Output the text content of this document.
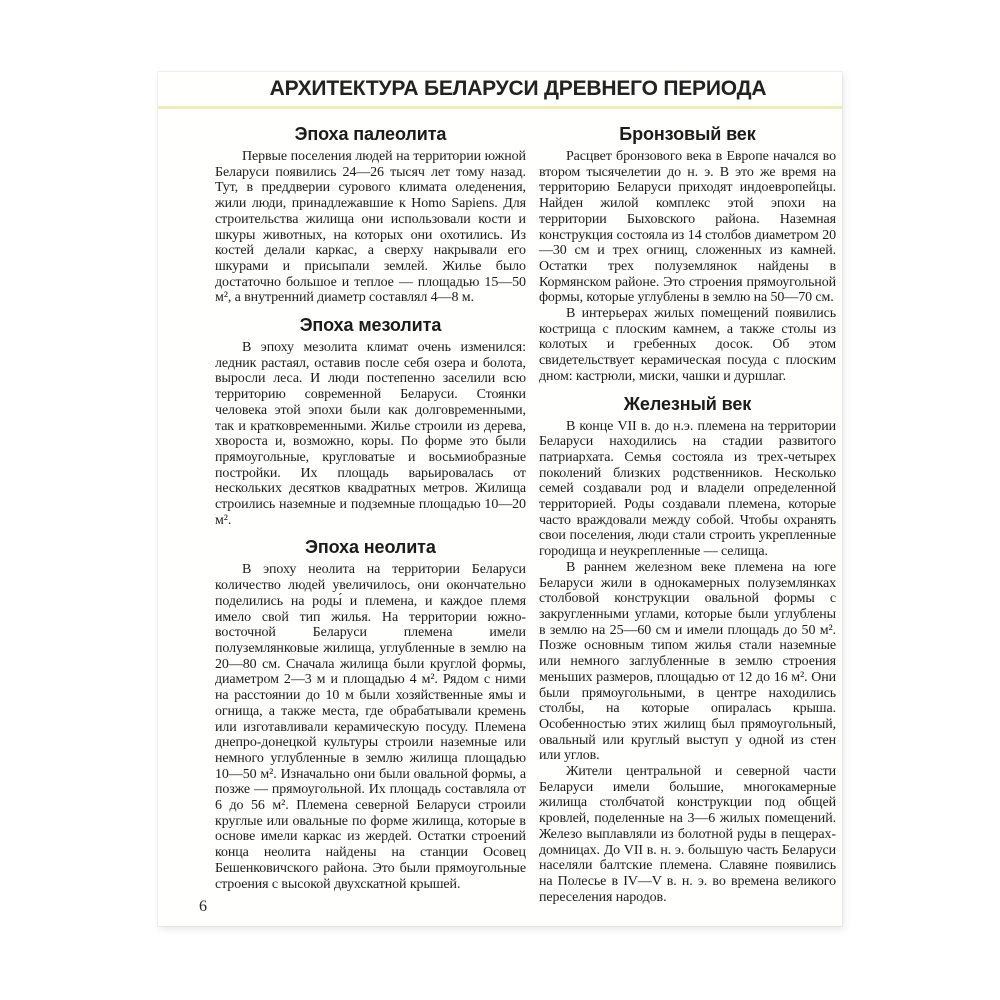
АРХИТЕКТУРА БЕЛАРУСИ ДРЕВНЕГО ПЕРИОДА
Эпоха палеолита

Первые поселения людей на территории южной Беларуси появились 24—26 тысяч лет тому назад. Тут, в преддверии сурового климата оледенения, жили люди, принадлежавшие к Homo Sapiens. Для строительства жилища они использовали кости и шкуры животных, на которых они охотились. Из костей делали каркас, а сверху накрывали его шкурами и присыпали землей. Жилье было достаточно большое и теплое — площадью 15—50 м², а внутренний диаметр составлял 4—8 м.

Эпоха мезолита

В эпоху мезолита климат очень изменился: ледник растаял, оставив после себя озера и болота, выросли леса. И люди постепенно заселили всю территорию современной Беларуси. Стоянки человека этой эпохи были как долговременными, так и кратковременными. Жилье строили из дерева, хвороста и, возможно, коры. По форме это были прямоугольные, кругловатые и восьмиобразные постройки. Их площадь варьировалась от нескольких десятков квадратных метров. Жилища строились наземные и подземные площадью 10—20 м².

Эпоха неолита

В эпоху неолита на территории Беларуси количество людей увеличилось, они окончательно поделились на роды́ и племена, и каждое племя имело свой тип жилья. На территории южно-восточной Беларуси племена имели полуземлянковые жилища, углубленные в землю на 20—80 см. Сначала жилища были круглой формы, диаметром 2—3 м и площадью 4 м². Рядом с ними на расстоянии до 10 м были хозяйственные ямы и огнища, а также места, где обрабатывали кремень или изготавливали керамическую посуду. Племена днепро-донецкой культуры строили наземные или немного углубленные в землю жилища площадью 10—50 м². Изначально они были овальной формы, а позже — прямоугольной. Их площадь составляла от 6 до 56 м². Племена северной Беларуси строили круглые или овальные по форме жилища, которые в основе имели каркас из жердей. Остатки строений конца неолита найдены на станции Осовец Бешенковичского района. Это были прямоугольные строения с высокой двухскатной крышей.

Бронзовый век

Расцвет бронзового века в Европе начался во втором тысячелетии до н. э. В это же время на территорию Беларуси приходят индоевропейцы. Найден жилой комплекс этой эпохи на территории Быховского района. Наземная конструкция состояла из 14 столбов диаметром 20—30 см и трех огнищ, сложенных из камней. Остатки трех полуземлянок найдены в Кормянском районе. Это строения прямоугольной формы, которые углублены в землю на 50—70 см.

В интерьерах жилых помещений появились кострища с плоским камнем, а также столы из колотых и гребенных досок. Об этом свидетельствует керамическая посуда с плоским дном: кастрюли, миски, чашки и дуршлаг.

Железный век

В конце VII в. до н.э. племена на территории Беларуси находились на стадии развитого патриархата. Семья состояла из трех-четырех поколений близких родственников. Несколько семей создавали род и владели определенной территорией. Роды создавали племена, которые часто враждовали между собой. Чтобы охранять свои поселения, люди стали строить укрепленные городища и неукрепленные — селища.

В раннем железном веке племена на юге Беларуси жили в однокамерных полуземлянках столбовой конструкции овальной формы с закругленными углами, которые были углублены в землю на 25—60 см и имели площадь до 50 м². Позже основным типом жилья стали наземные или немного заглубленные в землю строения меньших размеров, площадью от 12 до 16 м². Они были прямоугольными, в центре находились столбы, на которые опиралась крыша. Особенностью этих жилищ был прямоугольный, овальный или круглый выступ у одной из стен или углов.

Жители центральной и северной части Беларуси имели большие, многокамерные жилища столбчатой конструкции под общей кровлей, поделенные на 3—6 жилых помещений. Железо выплавляли из болотной руды в пещерах-домницах. До VII в. н. э. большую часть Беларуси населяли балтские племена. Славяне появились на Полесье в IV—V в. н. э. во времена великого переселения народов.

6
